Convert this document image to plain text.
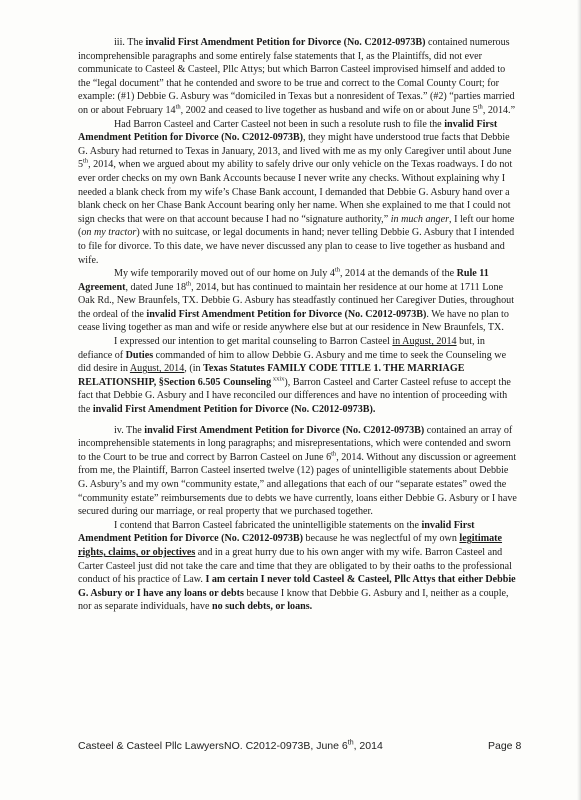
iii. The invalid First Amendment Petition for Divorce (No. C2012-0973B) contained numerous incomprehensible paragraphs and some entirely false statements that I, as the Plaintiffs, did not ever communicate to Casteel & Casteel, Pllc Attys; but which Barron Casteel improvised himself and added to the “legal document” that he contended and swore to be true and correct to the Comal County Court; for example: (#1) Debbie G. Asbury was “domiciled in Texas but a nonresident of Texas.” (#2) “parties married on or about February 14th, 2002 and ceased to live together as husband and wife on or about June 5th, 2014.”

Had Barron Casteel and Carter Casteel not been in such a resolute rush to file the invalid First Amendment Petition for Divorce (No. C2012-0973B), they might have understood true facts that Debbie G. Asbury had returned to Texas in January, 2013, and lived with me as my only Caregiver until about June 5th, 2014, when we argued about my ability to safely drive our only vehicle on the Texas roadways. I do not ever order checks on my own Bank Accounts because I never write any checks. Without explaining why I needed a blank check from my wife’s Chase Bank account, I demanded that Debbie G. Asbury hand over a blank check on her Chase Bank Account bearing only her name. When she explained to me that I could not sign checks that were on that account because I had no “signature authority,” in much anger, I left our home (on my tractor) with no suitcase, or legal documents in hand; never telling Debbie G. Asbury that I intended to file for divorce. To this date, we have never discussed any plan to cease to live together as husband and wife.

My wife temporarily moved out of our home on July 4th, 2014 at the demands of the Rule 11 Agreement, dated June 18th, 2014, but has continued to maintain her residence at our home at 1711 Lone Oak Rd., New Braunfels, TX. Debbie G. Asbury has steadfastly continued her Caregiver Duties, throughout the ordeal of the invalid First Amendment Petition for Divorce (No. C2012-0973B). We have no plan to cease living together as man and wife or reside anywhere else but at our residence in New Braunfels, TX.

I expressed our intention to get marital counseling to Barron Casteel in August, 2014 but, in defiance of Duties commanded of him to allow Debbie G. Asbury and me time to seek the Counseling we did desire in August, 2014, (in Texas Statutes FAMILY CODE TITLE 1. THE MARRIAGE RELATIONSHIP, §Section 6.505 Counseling $^{xxix}$), Barron Casteel and Carter Casteel refuse to accept the fact that Debbie G. Asbury and I have reconciled our differences and have no intention of proceeding with the invalid First Amendment Petition for Divorce (No. C2012-0973B).

iv. The invalid First Amendment Petition for Divorce (No. C2012-0973B) contained an array of incomprehensible statements in long paragraphs; and misrepresentations, which were contended and sworn to the Court to be true and correct by Barron Casteel on June 6th, 2014. Without any discussion or agreement from me, the Plaintiff, Barron Casteel inserted twelve (12) pages of unintelligible statements about Debbie G. Asbury’s and my own “community estate,” and allegations that each of our “separate estates” owed the “community estate” reimbursements due to debts we have currently, loans either Debbie G. Asbury or I have secured during our marriage, or real property that we purchased together.

I contend that Barron Casteel fabricated the unintelligible statements on the invalid First Amendment Petition for Divorce (No. C2012-0973B) because he was neglectful of my own legitimate rights, claims, or objectives and in a great hurry due to his own anger with my wife. Barron Casteel and Carter Casteel just did not take the care and time that they are obligated to by their oaths to the professional conduct of his practice of Law. I am certain I never told Casteel & Casteel, Pllc Attys that either Debbie G. Asbury or I have any loans or debts because I know that Debbie G. Asbury and I, neither as a couple, nor as separate individuals, have no such debts, or loans.

Casteel & Casteel Pllc Lawyers NO. C2012-0973B, June 6th, 2014	Page 8
